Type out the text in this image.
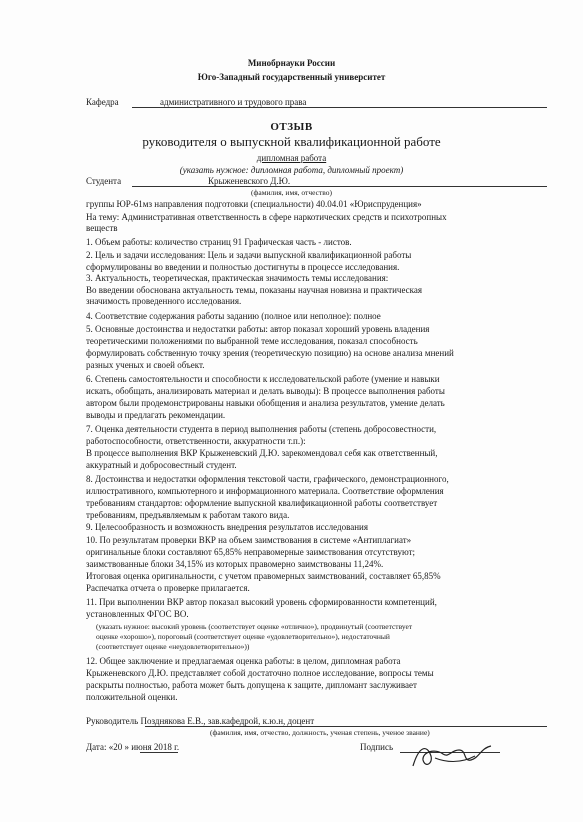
Минобрнауки России
Юго-Западный государственный университет
Кафедра	административного и трудового права
ОТЗЫВ
руководителя о выпускной квалификационной работе
дипломная работа
(указать нужное: дипломная работа, дипломный проект)
Студента	Крыженевского Д.Ю.
(фамилия, имя, отчество)
группы ЮР-61мз направления подготовки (специальности) 40.04.01 «Юриспруденция»
На тему: Административная ответственность в сфере наркотических средств и психотропных
веществ
1. Объем работы: количество страниц 91 Графическая часть - листов.
2. Цель и задачи исследования: Цель и задачи выпускной квалификационной работы
сформулированы во введении и полностью достигнуты в процессе исследования.
3. Актуальность, теоретическая, практическая значимость темы исследования:
Во введении обоснована актуальность темы, показаны научная новизна и практическая
значимость проведенного исследования.
4. Соответствие содержания работы заданию (полное или неполное): полное
5. Основные достоинства и недостатки работы: автор показал хороший уровень владения
теоретическими положениями по выбранной теме исследования, показал способность
формулировать собственную точку зрения (теоретическую позицию) на основе анализа мнений
разных ученых и своей объект.
6. Степень самостоятельности и способности к исследовательской работе (умение и навыки
искать, обобщать, анализировать материал и делать выводы): В процессе выполнения работы
автором были продемонстрированы навыки обобщения и анализа результатов, умение делать
выводы и предлагать рекомендации.
7. Оценка деятельности студента в период выполнения работы (степень добросовестности,
работоспособности, ответственности, аккуратности т.п.):
В процессе выполнения ВКР Крыженевский Д.Ю. зарекомендовал себя как ответственный,
аккуратный и добросовестный студент.
8. Достоинства и недостатки оформления текстовой части, графического, демонстрационного,
иллюстративного, компьютерного и информационного материала. Соответствие оформления
требованиям стандартов: оформление выпускной квалификационной работы соответствует
требованиям, предъявляемым к работам такого вида.
9. Целесообразность и возможность внедрения результатов исследования
10. По результатам проверки ВКР на объем заимствования в системе «Антиплагиат»
оригинальные блоки составляют 65,85% неправомерные заимствования отсутствуют;
заимствованные блоки 34,15% из которых правомерно заимствованы 11,24%.
Итоговая оценка оригинальности, с учетом правомерных заимствований, составляет 65,85%
Распечатка отчета о проверке прилагается.
11. При выполнении ВКР автор показал высокий уровень сформированности компетенций,
установленных ФГОС ВО.
(указать нужное: высокий уровень (соответствует оценке «отлично»), продвинутый (соответствует
оценке «хорошо»), пороговый (соответствует оценке «удовлетворительно»), недостаточный
(соответствует оценке «неудовлетворительно»))
12. Общее заключение и предлагаемая оценка работы: в целом, дипломная работа
Крыженевского Д.Ю. представляет собой достаточно полное исследование, вопросы темы
раскрыты полностью, работа может быть допущена к защите, дипломант заслуживает
положительной оценки.
Руководитель Позднякова Е.В., зав.кафедрой, к.ю.н, доцент
(фамилия, имя, отчество, должность, ученая степень, ученое звание)
Дата: «20 » июня 2018 г.	Подпись
